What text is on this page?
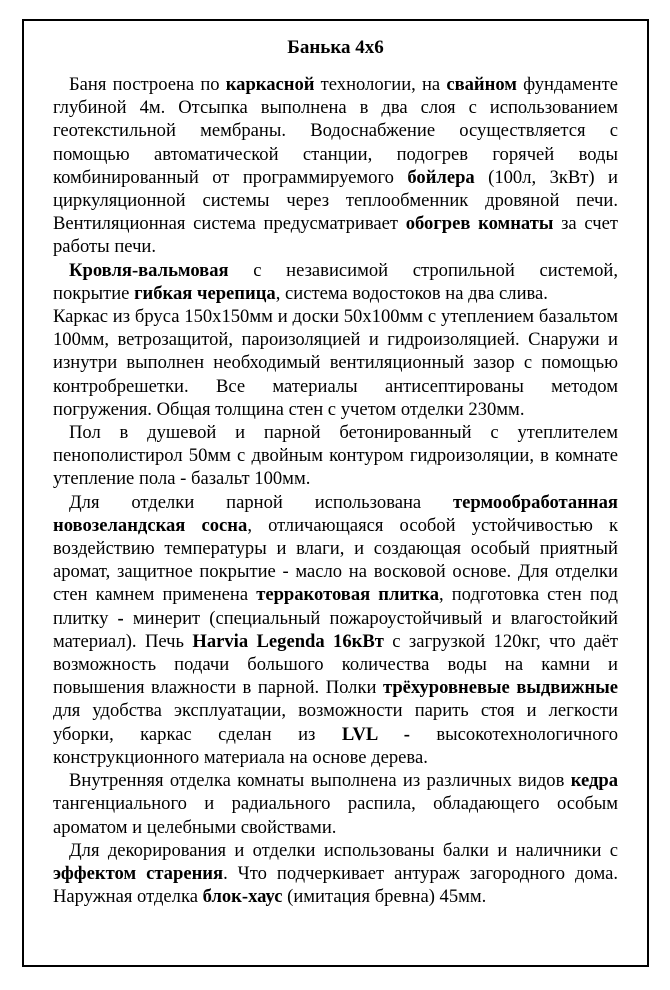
Банька 4х6

Баня построена по каркасной технологии, на свайном фундаменте глубиной 4м. Отсыпка выполнена в два слоя с использованием геотекстильной мембраны. Водоснабжение осуществляется с помощью автоматической станции, подогрев горячей воды комбинированный от программируемого бойлера (100л, 3кВт) и циркуляционной системы через теплообменник дровяной печи. Вентиляционная система предусматривает обогрев комнаты за счет работы печи.

Кровля-вальмовая с независимой стропильной системой, покрытие гибкая черепица, система водостоков на два слива.

Каркас из бруса 150х150мм и доски 50х100мм с утеплением базальтом 100мм, ветрозащитой, пароизоляцией и гидроизоляцией. Снаружи и изнутри выполнен необходимый вентиляционный зазор с помощью контробрешетки. Все материалы антисептированы методом погружения. Общая толщина стен с учетом отделки 230мм.

Пол в душевой и парной бетонированный с утеплителем пенополистирол 50мм с двойным контуром гидроизоляции, в комнате утепление пола - базальт 100мм.

Для отделки парной использована термообработанная новозеландская сосна, отличающаяся особой устойчивостью к воздействию температуры и влаги, и создающая особый приятный аромат, защитное покрытие - масло на восковой основе. Для отделки стен камнем применена терракотовая плитка, подготовка стен под плитку - минерит (специальный пожароустойчивый и влагостойкий материал). Печь Harvia Legenda 16кВт с загрузкой 120кг, что даёт возможность подачи большого количества воды на камни и повышения влажности в парной. Полки трёхуровневые выдвижные для удобства эксплуатации, возможности парить стоя и легкости уборки, каркас сделан из LVL - высокотехнологичного конструкционного материала на основе дерева.

Внутренняя отделка комнаты выполнена из различных видов кедра тангенциального и радиального распила, обладающего особым ароматом и целебными свойствами.

Для декорирования и отделки использованы балки и наличники с эффектом старения. Что подчеркивает антураж загородного дома. Наружная отделка блок-хаус (имитация бревна) 45мм.
